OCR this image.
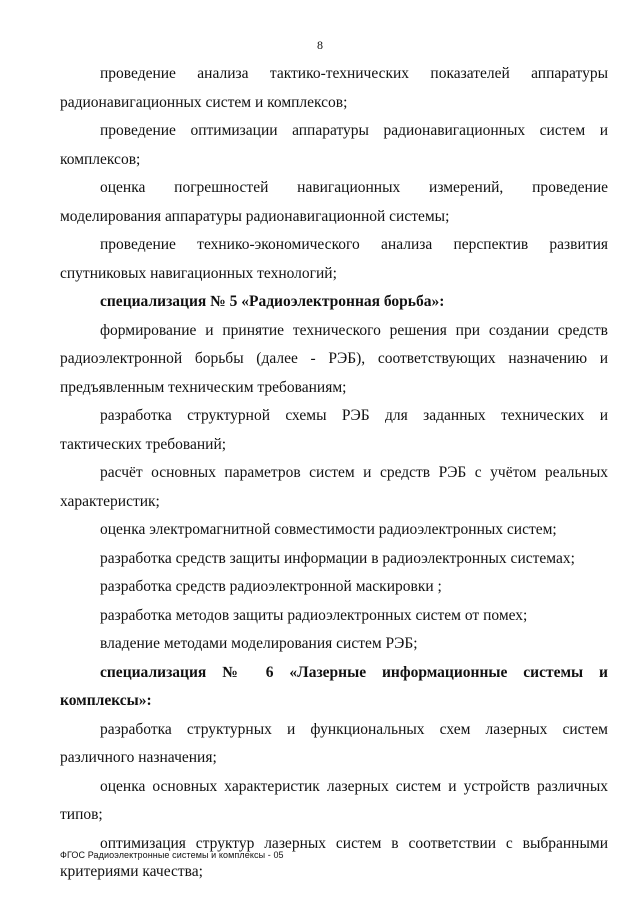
8

проведение анализа тактико-технических показателей аппаратуры радионавигационных систем и комплексов;

проведение оптимизации аппаратуры радионавигационных систем и комплексов;

оценка погрешностей навигационных измерений, проведение моделирования аппаратуры радионавигационной системы;

проведение технико-экономического анализа перспектив развития спутниковых навигационных технологий;

специализация № 5 «Радиоэлектронная борьба»:

формирование и принятие технического решения при создании средств радиоэлектронной борьбы (далее - РЭБ), соответствующих назначению и предъявленным техническим требованиям;

разработка структурной схемы РЭБ для заданных технических и тактических требований;

расчёт основных параметров систем и средств РЭБ с учётом реальных характеристик;

оценка электромагнитной совместимости радиоэлектронных систем;

разработка средств защиты информации в радиоэлектронных системах;

разработка средств радиоэлектронной маскировки ;

разработка методов защиты радиоэлектронных систем от помех;

владение методами моделирования систем РЭБ;

специализация № 6 «Лазерные информационные системы и комплексы»:

разработка структурных и функциональных схем лазерных систем различного назначения;

оценка основных характеристик лазерных систем и устройств различных типов;

оптимизация структур лазерных систем в соответствии с выбранными критериями качества;

ФГОС Радиоэлектронные системы и комплексы - 05
